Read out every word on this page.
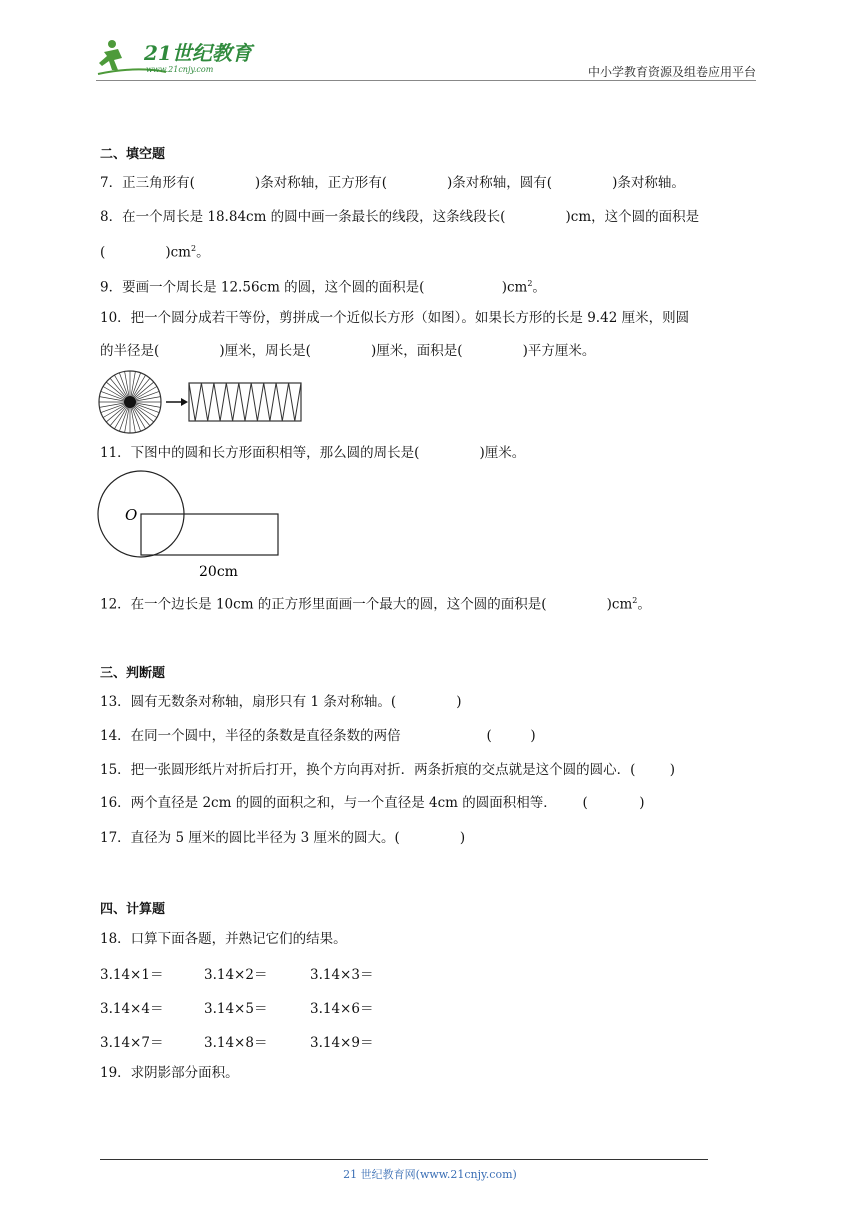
21世纪教育
www.21cnjy.com	中小学教育资源及组卷应用平台
二、填空题
7．正三角形有(              )条对称轴，正方形有(              )条对称轴，圆有(              )条对称轴。
8．在一个周长是 18.84cm 的圆中画一条最长的线段，这条线段长(              )cm，这个圆的面积是
(              )$cm^2$。
9．要画一个周长是 12.56cm 的圆，这个圆的面积是(                  )$cm^2$。
10．把一个圆分成若干等份，剪拼成一个近似长方形（如图）。如果长方形的长是 9.42 厘米，则圆
的半径是(              )厘米，周长是(              )厘米，面积是(              )平方厘米。
11．下图中的圆和长方形面积相等，那么圆的周长是(              )厘米。
O
20cm
12．在一个边长是 10cm 的正方形里面画一个最大的圆，这个圆的面积是(              )$cm^2$。
三、判断题
13．圆有无数条对称轴，扇形只有 1 条对称轴。(              )
14．在同一个圆中，半径的条数是直径条数的两倍                    (         )
15．把一张圆形纸片对折后打开，换个方向再对折．两条折痕的交点就是这个圆的圆心．(        )
16．两个直径是 2cm 的圆的面积之和，与一个直径是 4cm 的圆面积相等．      (            )
17．直径为 5 厘米的圆比半径为 3 厘米的圆大。(              )
四、计算题
18．口算下面各题，并熟记它们的结果。
3.14×1＝	3.14×2＝	3.14×3＝
3.14×4＝	3.14×5＝	3.14×6＝
3.14×7＝	3.14×8＝	3.14×9＝
19．求阴影部分面积。
21 世纪教育网(www.21cnjy.com)
